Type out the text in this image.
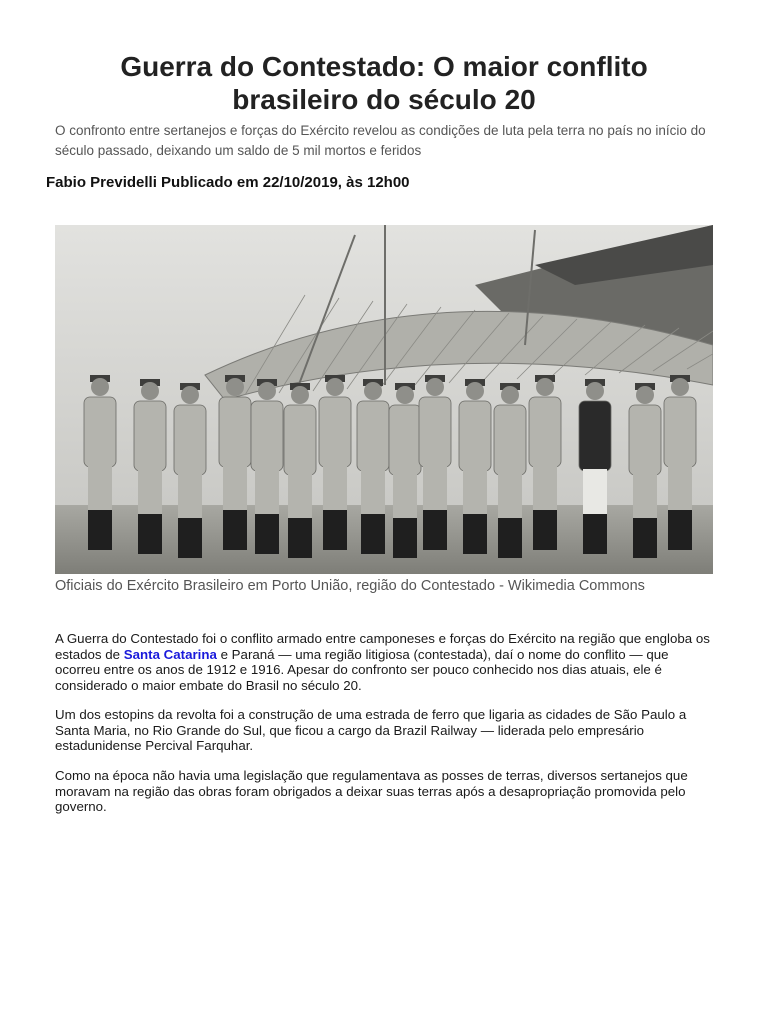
Guerra do Contestado: O maior conflito brasileiro do século 20

O confronto entre sertanejos e forças do Exército revelou as condições de luta pela terra no país no início do século passado, deixando um saldo de 5 mil mortos e feridos

Fabio Previdelli Publicado em 22/10/2019, às 12h00

Oficiais do Exército Brasileiro em Porto União, região do Contestado - Wikimedia Commons

A Guerra do Contestado foi o conflito armado entre camponeses e forças do Exército na região que engloba os estados de Santa Catarina e Paraná — uma região litigiosa (contestada), daí o nome do conflito — que ocorreu entre os anos de 1912 e 1916. Apesar do confronto ser pouco conhecido nos dias atuais, ele é considerado o maior embate do Brasil no século 20.

Um dos estopins da revolta foi a construção de uma estrada de ferro que ligaria as cidades de São Paulo a Santa Maria, no Rio Grande do Sul, que ficou a cargo da Brazil Railway — liderada pelo empresário estadunidense Percival Farquhar.

Como na época não havia uma legislação que regulamentava as posses de terras, diversos sertanejos que moravam na região das obras foram obrigados a deixar suas terras após a desapropriação promovida pelo governo.
